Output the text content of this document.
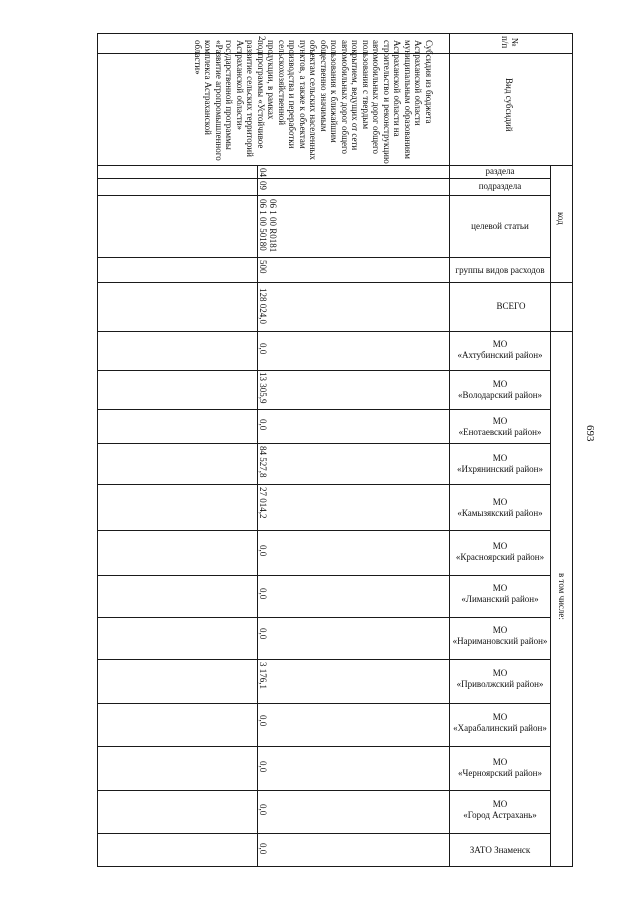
693
№
п/п
Вид субсидий
код
раздела
подраздела
целевой статьи
группы видов расходов
ВСЕГО
в том числе:
МО
«Ахтубинский район»
МО
«Володарский район»
МО
«Енотаевский район»
МО
«Ихрянинский район»
МО
«Камызякский район»
МО
«Красноярский район»
МО
«Лиманский район»
МО
«Наримановский район»
МО
«Приволжский район»
МО
«Харабалинский район»
МО
«Черноярский район»
МО
«Город Астрахань»
ЗАТО Знаменск
2
Субсидия из бюджета Астраханской области муниципальным образованиям Астраханской области на строительство и реконструкцию автомобильных дорог общего пользования с твердым покрытием, ведущих от сети автомобильных дорог общего пользования к ближайшим общественно значимым объектам сельских населенных пунктов, а также к объектам производства и переработки сельскохозяйственной продукции, в рамках подпрограммы «Устойчивое развитие сельских территорий Астраханской области» государственной программы «Развитие агропромышленного комплекса Астраханской области»
04
09
06 1 00 R0181
06 1 00 50180
500
128 024,0
0,0
13 305,9
0,0
84 527,8
27 014,2
0,0
0,0
0,0
3 176,1
0,0
0,0
0,0
0,0
